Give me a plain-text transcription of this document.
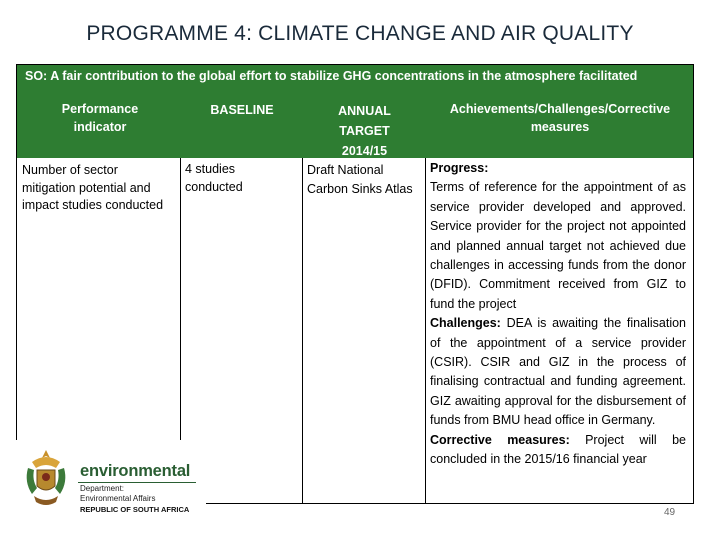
PROGRAMME 4: CLIMATE CHANGE AND AIR QUALITY
SO: A fair contribution to the global effort to stabilize GHG concentrations in the atmosphere facilitated
Performance indicator
BASELINE	ANNUAL TARGET 2014/15
Achievements/Challenges/Corrective measures
Number of sector mitigation potential and impact studies conducted
4 studies conducted
Draft National Carbon Sinks Atlas

Progress:

Terms of reference for the appointment of as service provider developed and approved. Service provider for the project not appointed and planned annual target not achieved due challenges in accessing funds from the donor (DFID). Commitment received from GIZ to fund the project

Challenges: DEA is awaiting the finalisation of the appointment of a service provider (CSIR). CSIR and GIZ in the process of finalising contractual and funding agreement. GIZ awaiting approval for the disbursement of funds from BMU head office in Germany.

Corrective measures: Project will be concluded in the 2015/16 financial year

environmental
Department:
Environmental Affairs
REPUBLIC OF SOUTH AFRICA	49
